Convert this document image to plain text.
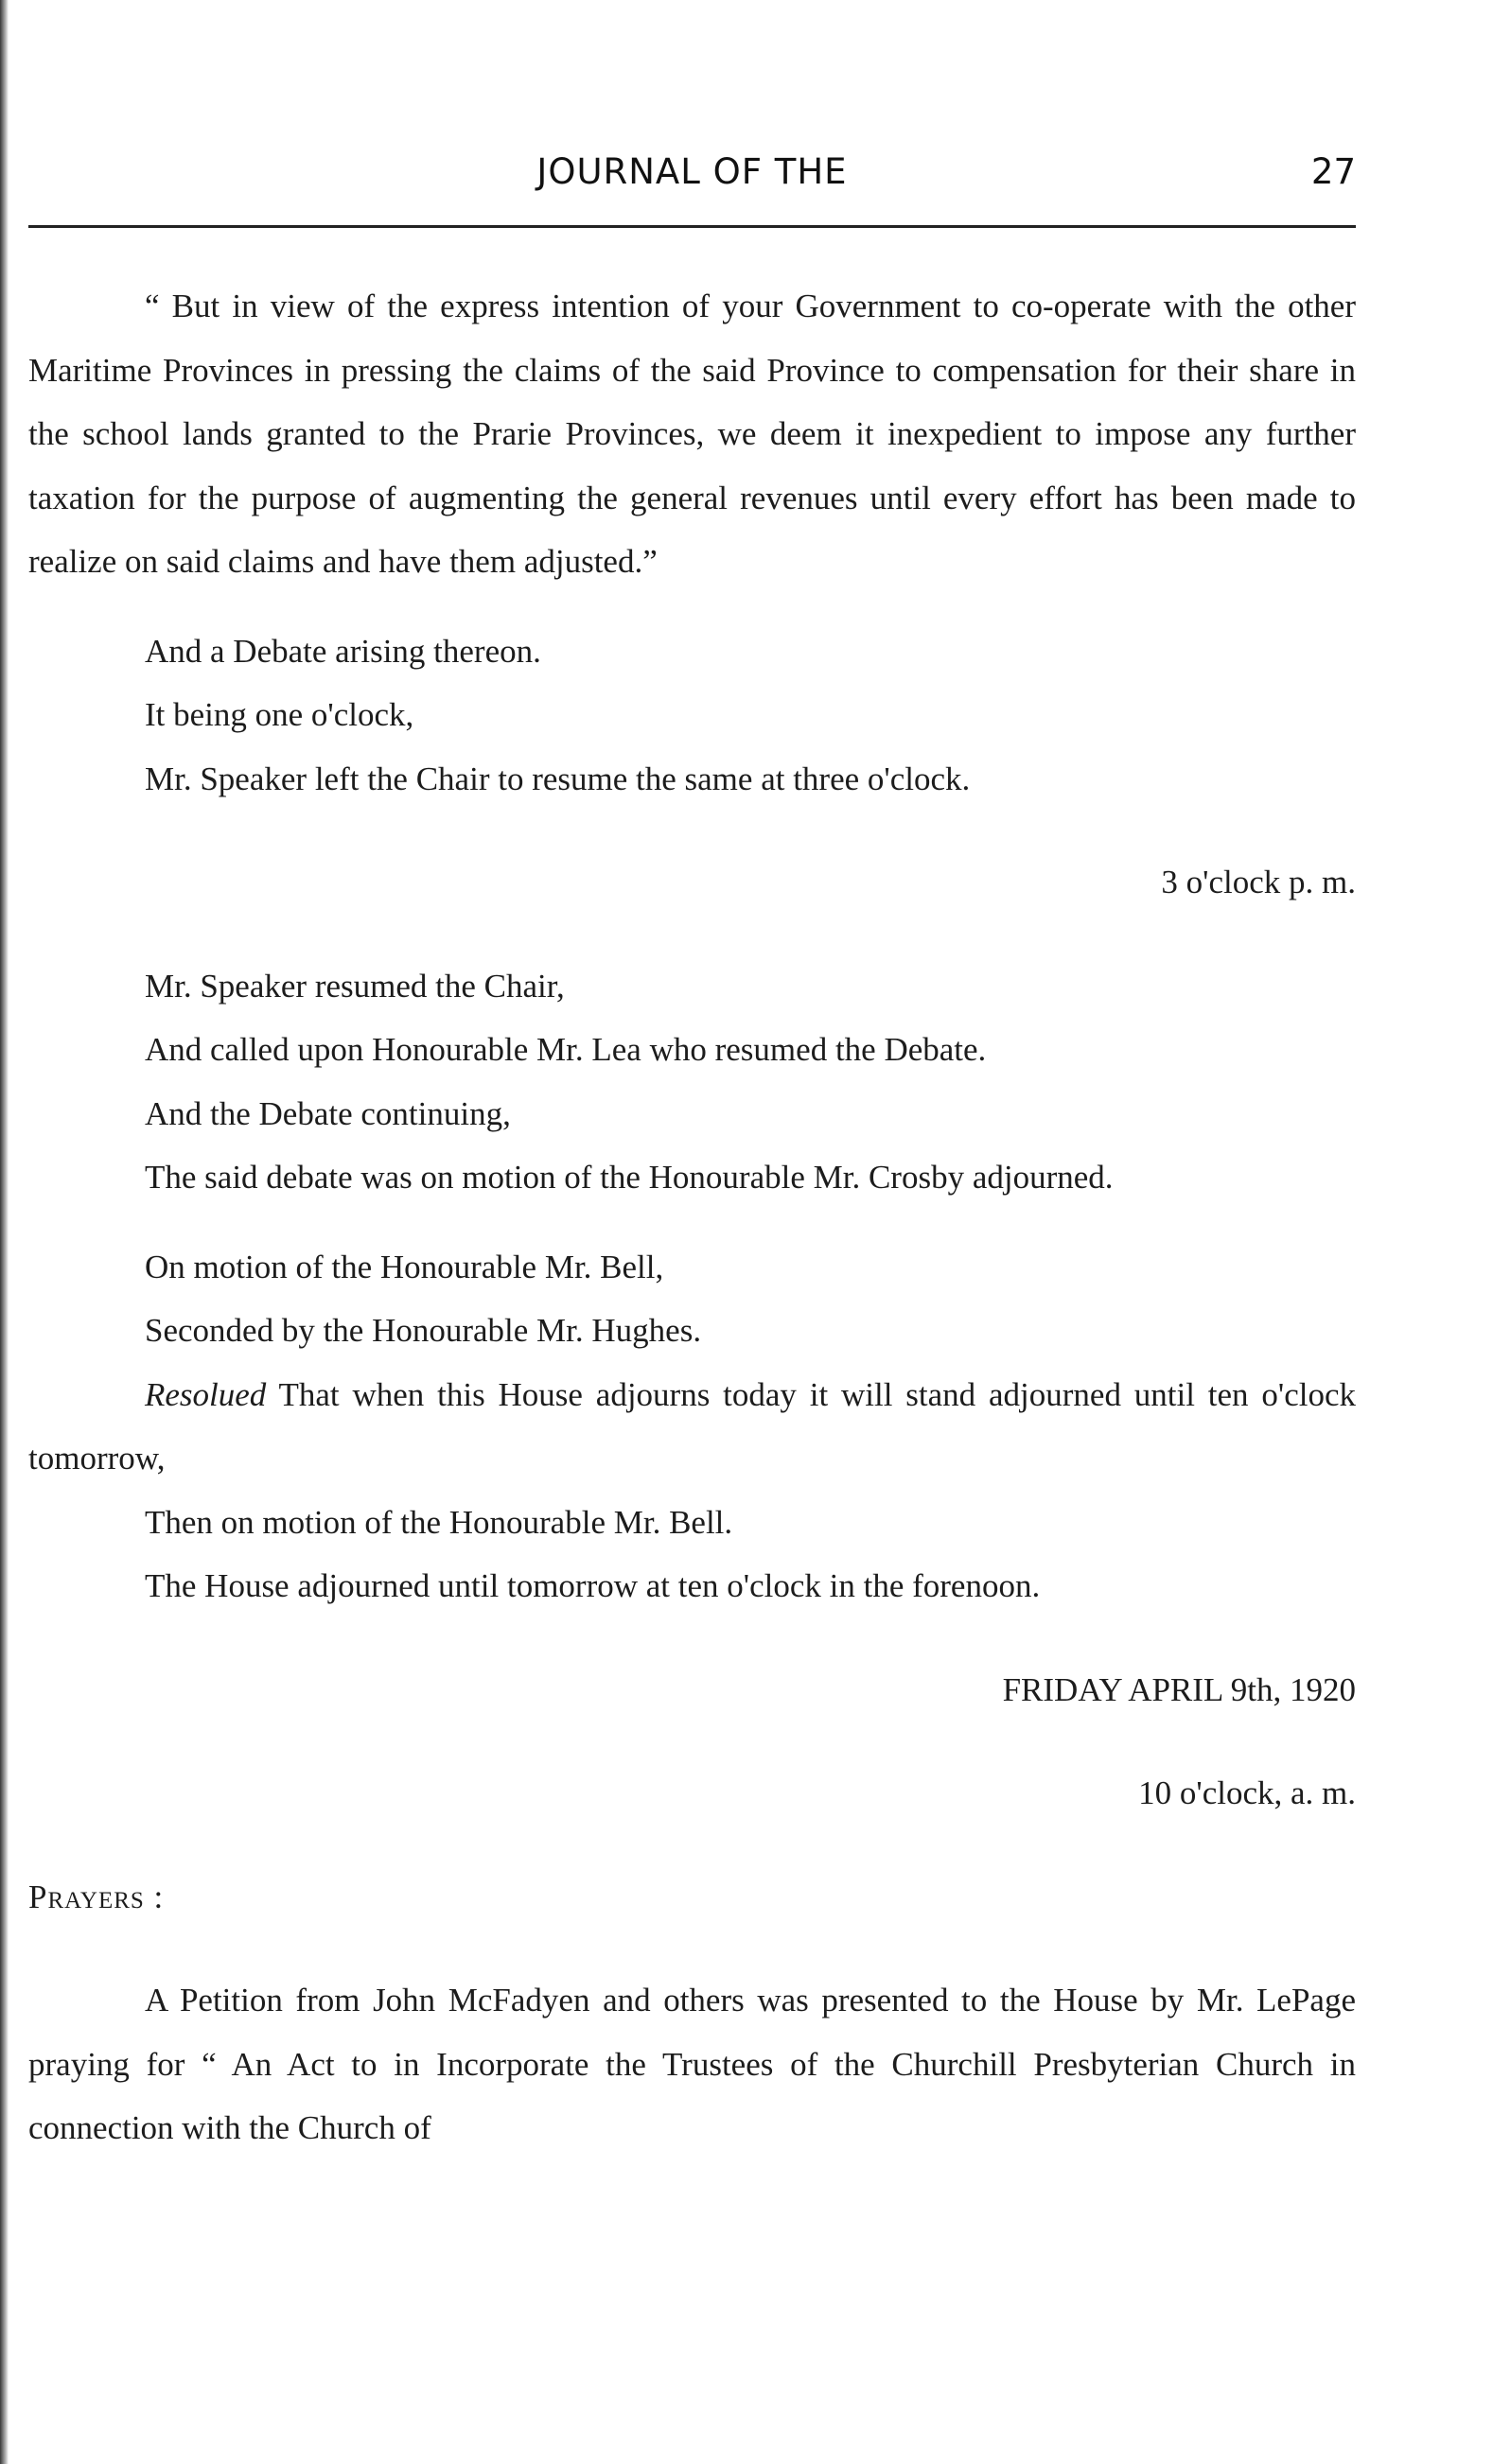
JOURNAL OF THE	27

“ But in view of the express intention of your Government to co-operate with the other Maritime Provinces in pressing the claims of the said Province to compensation for their share in the school lands granted to the Prarie Provinces, we deem it inexpedient to impose any further taxation for the purpose of augmenting the general revenues until every effort has been made to realize on said claims and have them adjusted.”

And a Debate arising thereon.

It being one o'clock,

Mr. Speaker left the Chair to resume the same at three o'clock.

3 o'clock p. m.

Mr. Speaker resumed the Chair,

And called upon Honourable Mr. Lea who resumed the Debate.

And the Debate continuing,

The said debate was on motion of the Honourable Mr. Crosby adjourned.

On motion of the Honourable Mr. Bell,

Seconded by the Honourable Mr. Hughes.

Resolued That when this House adjourns today it will stand adjourned until ten o'clock tomorrow,

Then on motion of the Honourable Mr. Bell.

The House adjourned until tomorrow at ten o'clock in the forenoon.

FRIDAY APRIL 9th, 1920

10 o'clock, a. m.

Prayers :

A Petition from John McFadyen and others was presented to the House by Mr. LePage praying for “ An Act to in Incorporate the Trustees of the Churchill Presbyterian Church in connection with the Church of
